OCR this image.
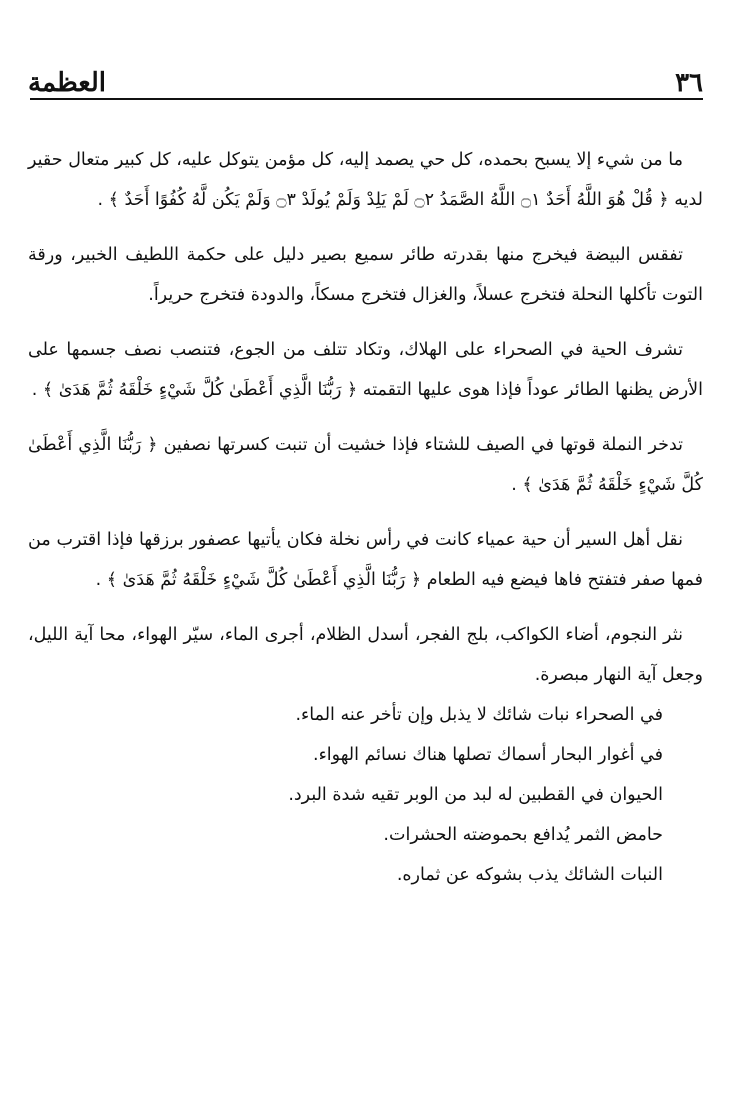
العظمة	٣٦

ما من شيء إلا يسبح بحمده، كل حي يصمد إليه، كل مؤمن يتوكل عليه، كل كبير متعال حقير لديه ﴿ قُلْ هُوَ اللَّهُ أَحَدٌ ۝١ اللَّهُ الصَّمَدُ ۝٢ لَمْ يَلِدْ وَلَمْ يُولَدْ ۝٣ وَلَمْ يَكُن لَّهُ كُفُوًا أَحَدٌ ﴾ .

تفقس البيضة فيخرج منها بقدرته طائر سميع بصير دليل على حكمة اللطيف الخبير، ورقة التوت تأكلها النحلة فتخرج عسلاً، والغزال فتخرج مسكاً، والدودة فتخرج حريراً.

تشرف الحية في الصحراء على الهلاك، وتكاد تتلف من الجوع، فتنصب نصف جسمها على الأرض يظنها الطائر عوداً فإذا هوى عليها التقمته ﴿ رَبُّنَا الَّذِي أَعْطَىٰ كُلَّ شَيْءٍ خَلْقَهُ ثُمَّ هَدَىٰ ﴾ .

تدخر النملة قوتها في الصيف للشتاء فإذا خشيت أن تنبت كسرتها نصفين ﴿ رَبُّنَا الَّذِي أَعْطَىٰ كُلَّ شَيْءٍ خَلْقَهُ ثُمَّ هَدَىٰ ﴾ .

نقل أهل السير أن حية عمياء كانت في رأس نخلة فكان يأتيها عصفور برزقها فإذا اقترب من فمها صفر فتفتح فاها فيضع فيه الطعام ﴿ رَبُّنَا الَّذِي أَعْطَىٰ كُلَّ شَيْءٍ خَلْقَهُ ثُمَّ هَدَىٰ ﴾ .

نثر النجوم، أضاء الكواكب، بلج الفجر، أسدل الظلام، أجرى الماء، سيّر الهواء، محا آية الليل، وجعل آية النهار مبصرة.

في الصحراء نبات شائك لا يذبل وإن تأخر عنه الماء.
في أغوار البحار أسماك تصلها هناك نسائم الهواء.
الحيوان في القطبين له لبد من الوبر تقيه شدة البرد.
حامض الثمر يُدافع بحموضته الحشرات.
النبات الشائك يذب بشوكه عن ثماره.
